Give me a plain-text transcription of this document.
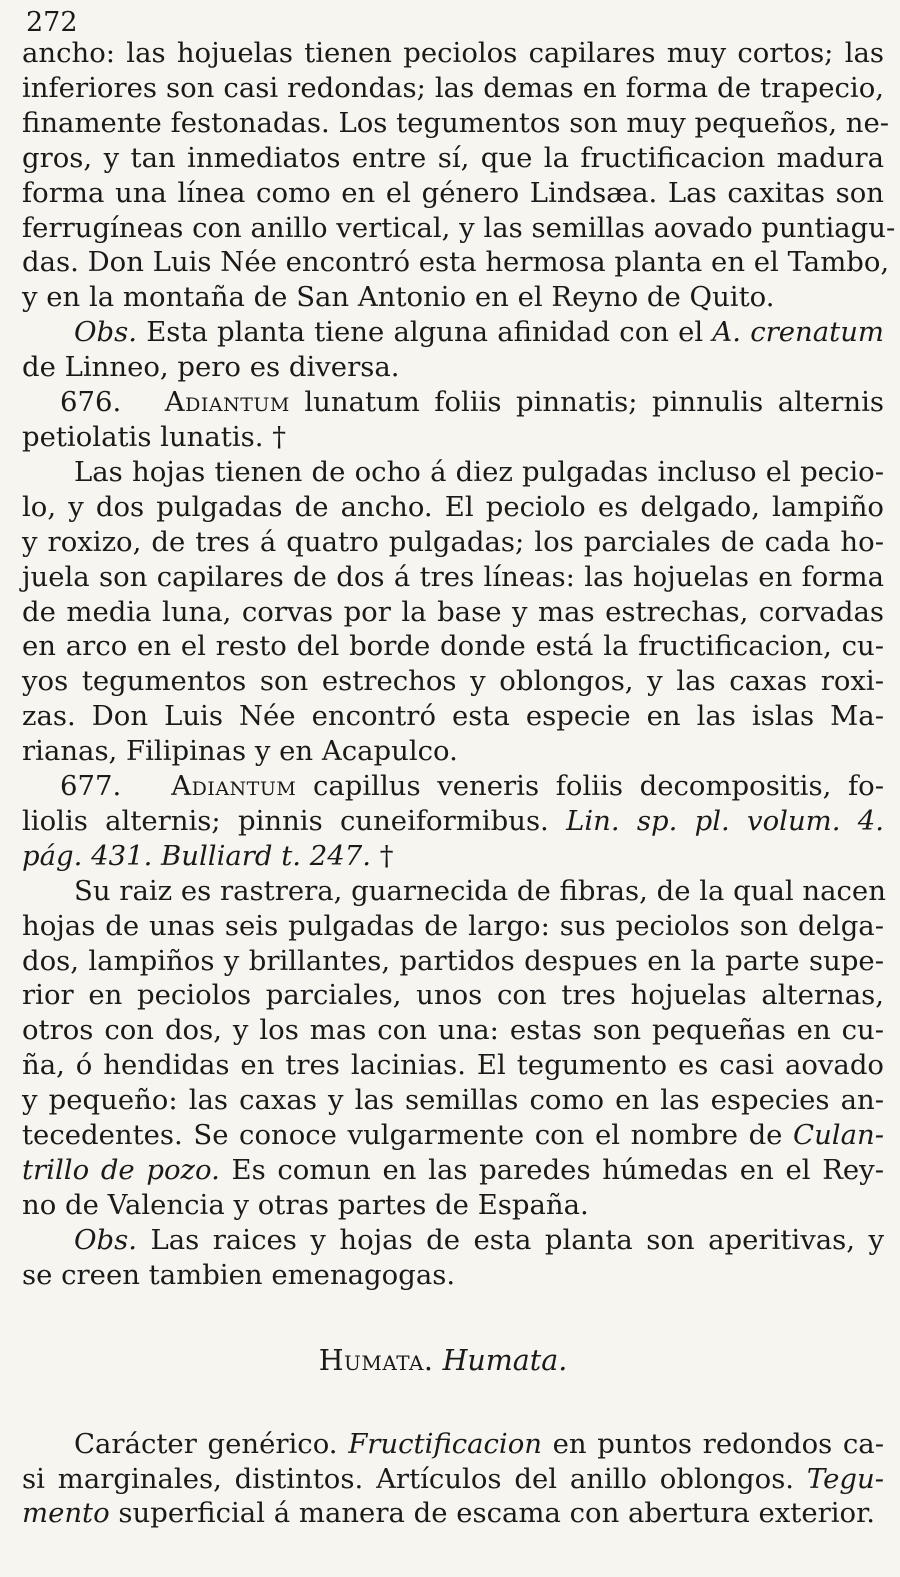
272
ancho: las hojuelas tienen peciolos capilares muy cortos; las
inferiores son casi redondas; las demas en forma de trapecio,
finamente festonadas. Los tegumentos son muy pequeños, ne-
gros, y tan inmediatos entre sí, que la fructificacion madura
forma una línea como en el género Lindsæa. Las caxitas son
ferrugíneas con anillo vertical, y las semillas aovado puntiagu-
das. Don Luis Née encontró esta hermosa planta en el Tambo,
y en la montaña de San Antonio en el Reyno de Quito.
Obs. Esta planta tiene alguna afinidad con el A. crenatum
de Linneo, pero es diversa.
676. Adiantum lunatum foliis pinnatis; pinnulis alternis
petiolatis lunatis. †
Las hojas tienen de ocho á diez pulgadas incluso el pecio-
lo, y dos pulgadas de ancho. El peciolo es delgado, lampiño
y roxizo, de tres á quatro pulgadas; los parciales de cada ho-
juela son capilares de dos á tres líneas: las hojuelas en forma
de media luna, corvas por la base y mas estrechas, corvadas
en arco en el resto del borde donde está la fructificacion, cu-
yos tegumentos son estrechos y oblongos, y las caxas roxi-
zas. Don Luis Née encontró esta especie en las islas Ma-
rianas, Filipinas y en Acapulco.
677. Adiantum capillus veneris foliis decompositis, fo-
liolis alternis; pinnis cuneiformibus. Lin. sp. pl. volum. 4.
pág. 431. Bulliard t. 247. †
Su raiz es rastrera, guarnecida de fibras, de la qual nacen
hojas de unas seis pulgadas de largo: sus peciolos son delga-
dos, lampiños y brillantes, partidos despues en la parte supe-
rior en peciolos parciales, unos con tres hojuelas alternas,
otros con dos, y los mas con una: estas son pequeñas en cu-
ña, ó hendidas en tres lacinias. El tegumento es casi aovado
y pequeño: las caxas y las semillas como en las especies an-
tecedentes. Se conoce vulgarmente con el nombre de Culan-
trillo de pozo. Es comun en las paredes húmedas en el Rey-
no de Valencia y otras partes de España.
Obs. Las raices y hojas de esta planta son aperitivas, y
se creen tambien emenagogas.
Humata. Humata.
Carácter genérico. Fructificacion en puntos redondos ca-
si marginales, distintos. Artículos del anillo oblongos. Tegu-
mento superficial á manera de escama con abertura exterior.
